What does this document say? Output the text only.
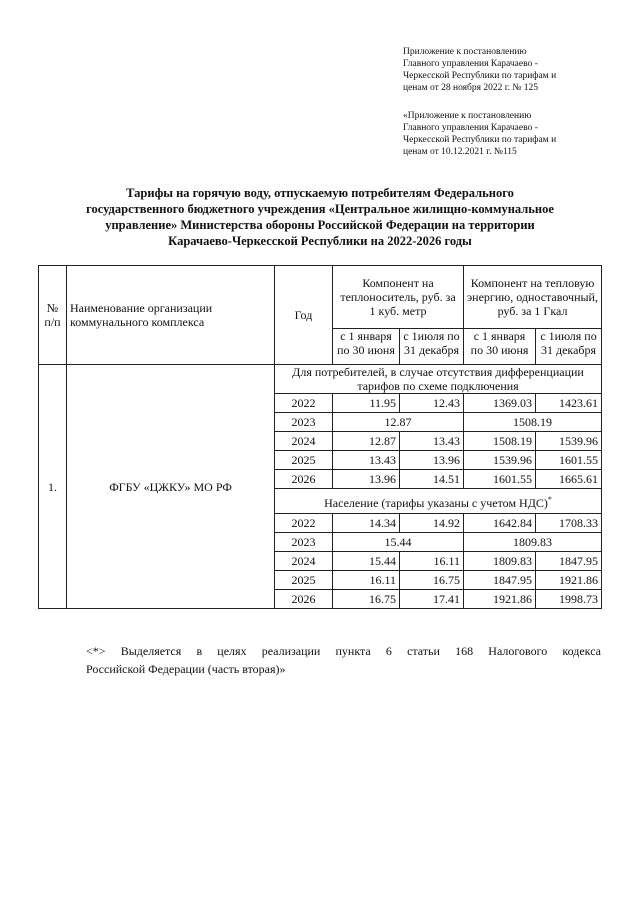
Приложение к постановлению
Главного управления Карачаево -
Черкесской Республики по тарифам и
ценам от 28 ноября 2022 г. № 125
«Приложение к постановлению
Главного управления Карачаево -
Черкесской Республики по тарифам и
ценам от 10.12.2021 г. №115
Тарифы на горячую воду, отпускаемую потребителям Федерального
государственного бюджетного учреждения «Центральное жилищно-коммунальное
управление» Министерства обороны Российской Федерации на территории
Карачаево-Черкесской Республики на 2022-2026 годы
№ п/п	Наименование организации коммунального комплекса	Год	Компонент на теплоноситель, руб. за 1 куб. метр		Компонент на тепловую энергию, одноставочный, руб. за 1 Гкал	
			с 1 января по 30 июня	с 1июля по 31 декабря	с 1 января по 30 июня	с 1июля по 31 декабря
1.	ФГБУ «ЦЖКУ» МО РФ	Для потребителей, в случае отсутствия дифференциации тарифов по схеме подключения				
		2022	11.95	12.43	1369.03	1423.61
		2023	12.87		1508.19	
		2024	12.87	13.43	1508.19	1539.96
		2025	13.43	13.96	1539.96	1601.55
		2026	13.96	14.51	1601.55	1665.61
		Население (тарифы указаны с учетом НДС)*
		2022	14.34	14.92	1642.84	1708.33
		2023	15.44		1809.83	
		2024	15.44	16.11	1809.83	1847.95
		2025	16.11	16.75	1847.95	1921.86
		2026	16.75	17.41	1921.86	1998.73
<*> Выделяется в целях реализации пункта 6 статьи 168 Налогового кодекса
Российской Федерации (часть вторая)»
